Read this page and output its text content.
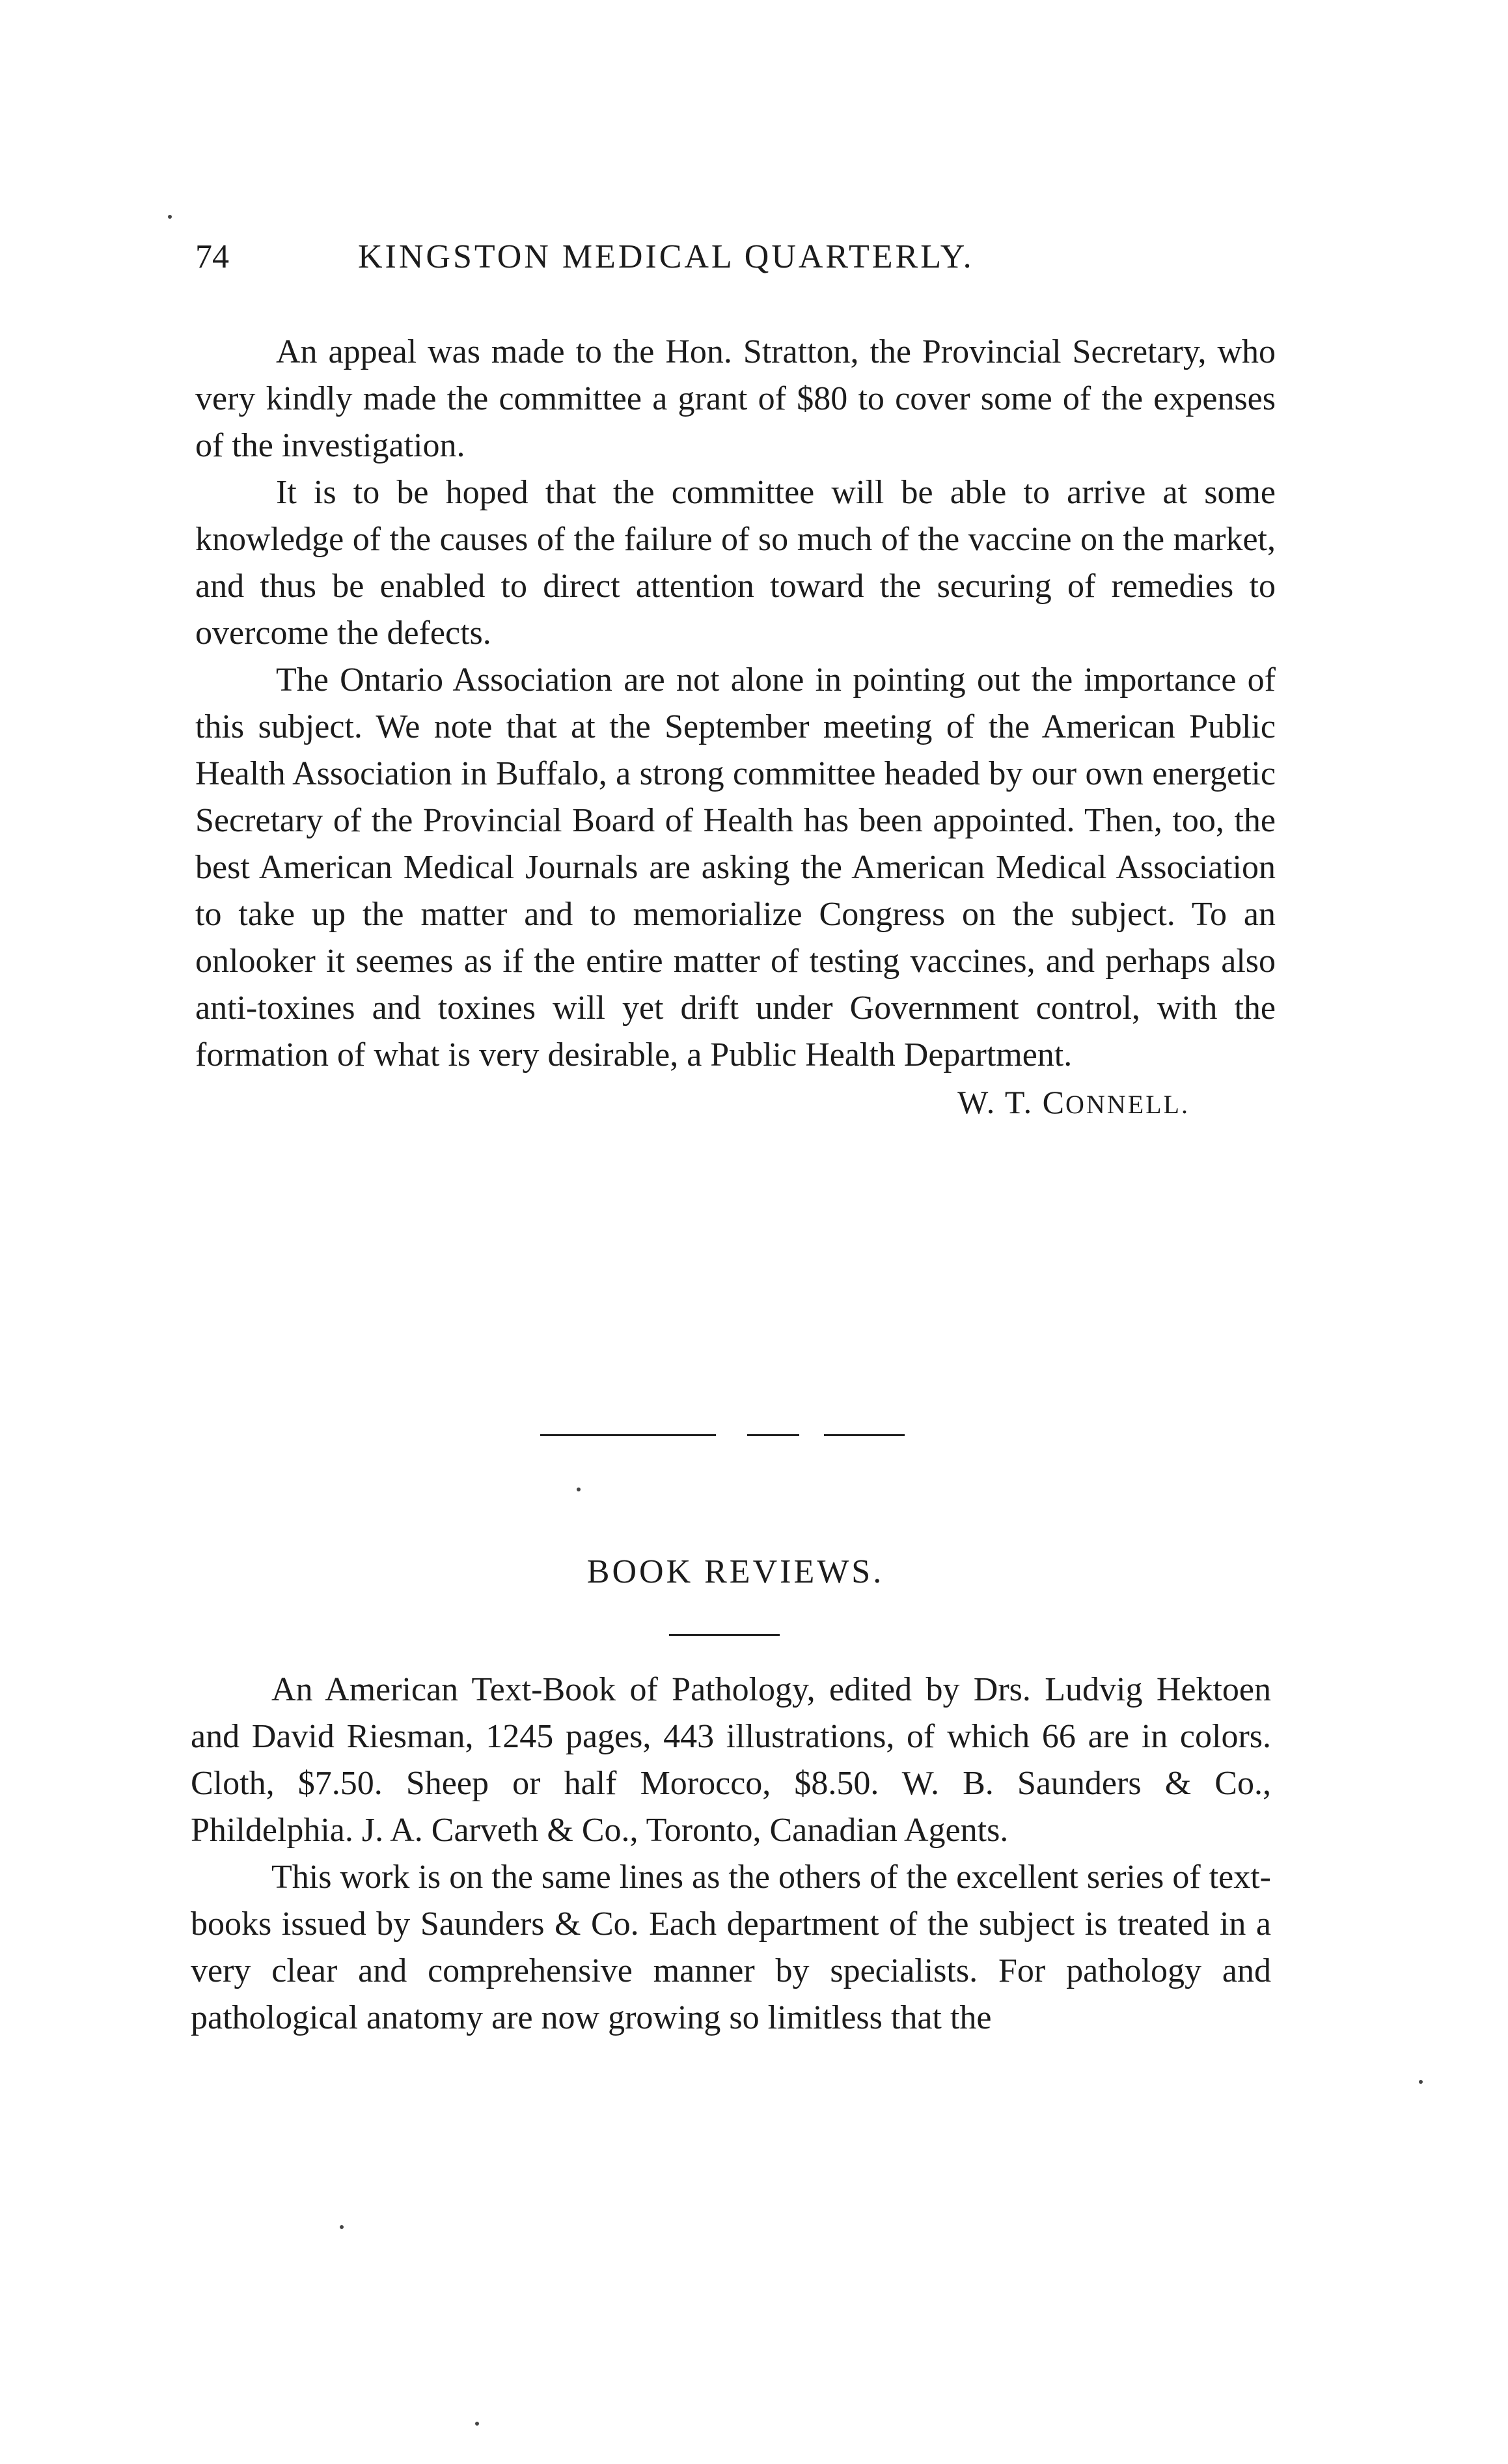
74	KINGSTON MEDICAL QUARTERLY.

An appeal was made to the Hon. Stratton, the Provincial Secretary, who very kindly made the committee a grant of $80 to cover some of the expenses of the investigation.

It is to be hoped that the committee will be able to arrive at some knowledge of the causes of the failure of so much of the vaccine on the market, and thus be enabled to direct attention toward the securing of remedies to overcome the defects.

The Ontario Association are not alone in pointing out the importance of this subject. We note that at the September meeting of the American Public Health Association in Buffalo, a strong committee headed by our own energetic Secretary of the Provincial Board of Health has been appointed. Then, too, the best American Medical Journals are asking the American Medical Association to take up the matter and to memorialize Congress on the subject. To an onlooker it seemes as if the entire matter of testing vaccines, and perhaps also anti-toxines and toxines will yet drift under Government control, with the formation of what is very desirable, a Public Health Department.

W. T. CONNELL.
BOOK REVIEWS.

An American Text-Book of Pathology, edited by Drs. Ludvig Hektoen and David Riesman, 1245 pages, 443 illustrations, of which 66 are in colors. Cloth, $7.50. Sheep or half Morocco, $8.50. W. B. Saunders & Co., Phildelphia. J. A. Carveth & Co., Toronto, Canadian Agents.

This work is on the same lines as the others of the excellent series of text-books issued by Saunders & Co. Each department of the subject is treated in a very clear and comprehensive manner by specialists. For pathology and pathological anatomy are now growing so limitless that the
